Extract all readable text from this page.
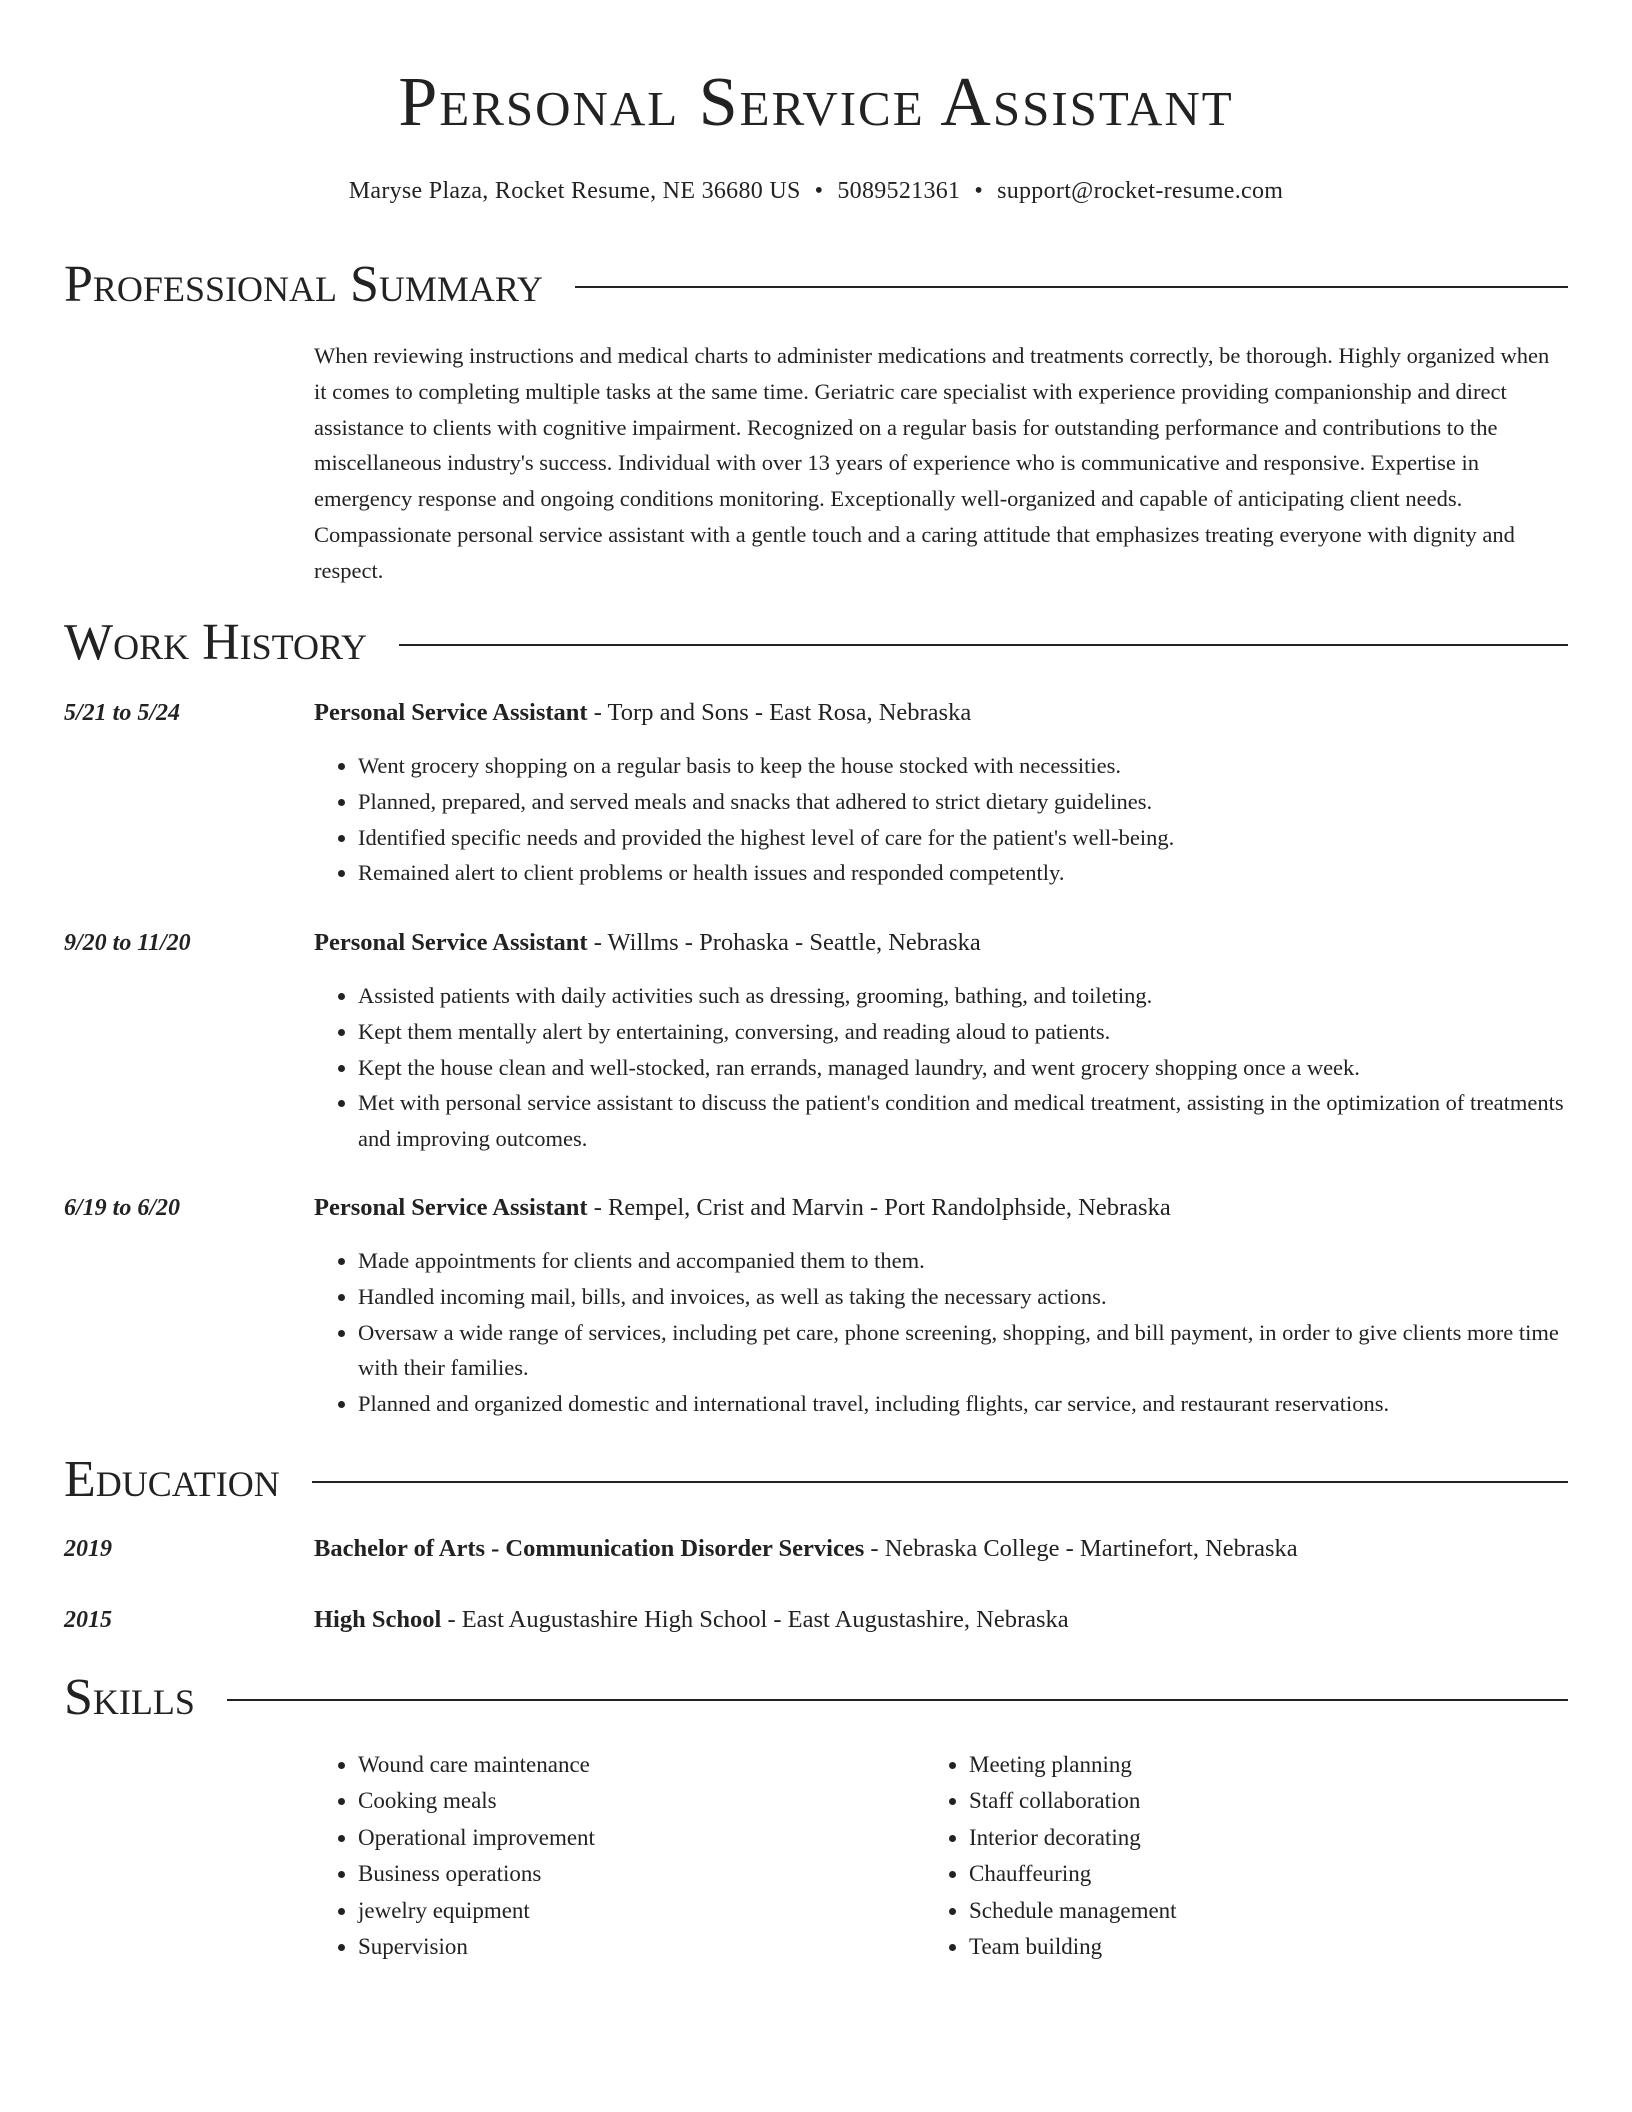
Personal Service Assistant
Maryse Plaza, Rocket Resume, NE 36680 US • 5089521361 • support@rocket-resume.com
Professional Summary
When reviewing instructions and medical charts to administer medications and treatments correctly, be thorough. Highly organized when it comes to completing multiple tasks at the same time. Geriatric care specialist with experience providing companionship and direct assistance to clients with cognitive impairment. Recognized on a regular basis for outstanding performance and contributions to the miscellaneous industry's success. Individual with over 13 years of experience who is communicative and responsive. Expertise in emergency response and ongoing conditions monitoring. Exceptionally well-organized and capable of anticipating client needs. Compassionate personal service assistant with a gentle touch and a caring attitude that emphasizes treating everyone with dignity and respect.
Work History
5/21 to 5/24	Personal Service Assistant - Torp and Sons - East Rosa, Nebraska
• Went grocery shopping on a regular basis to keep the house stocked with necessities.
• Planned, prepared, and served meals and snacks that adhered to strict dietary guidelines.
• Identified specific needs and provided the highest level of care for the patient's well-being.
• Remained alert to client problems or health issues and responded competently.
9/20 to 11/20	Personal Service Assistant - Willms - Prohaska - Seattle, Nebraska
• Assisted patients with daily activities such as dressing, grooming, bathing, and toileting.
• Kept them mentally alert by entertaining, conversing, and reading aloud to patients.
• Kept the house clean and well-stocked, ran errands, managed laundry, and went grocery shopping once a week.
• Met with personal service assistant to discuss the patient's condition and medical treatment, assisting in the optimization of treatments and improving outcomes.
6/19 to 6/20	Personal Service Assistant - Rempel, Crist and Marvin - Port Randolphside, Nebraska
• Made appointments for clients and accompanied them to them.
• Handled incoming mail, bills, and invoices, as well as taking the necessary actions.
• Oversaw a wide range of services, including pet care, phone screening, shopping, and bill payment, in order to give clients more time with their families.
• Planned and organized domestic and international travel, including flights, car service, and restaurant reservations.
Education
2019	Bachelor of Arts - Communication Disorder Services - Nebraska College - Martinefort, Nebraska
2015	High School - East Augustashire High School - East Augustashire, Nebraska
Skills
• Wound care maintenance
• Cooking meals
• Operational improvement
• Business operations
• jewelry equipment
• Supervision
• Meeting planning
• Staff collaboration
• Interior decorating
• Chauffeuring
• Schedule management
• Team building
